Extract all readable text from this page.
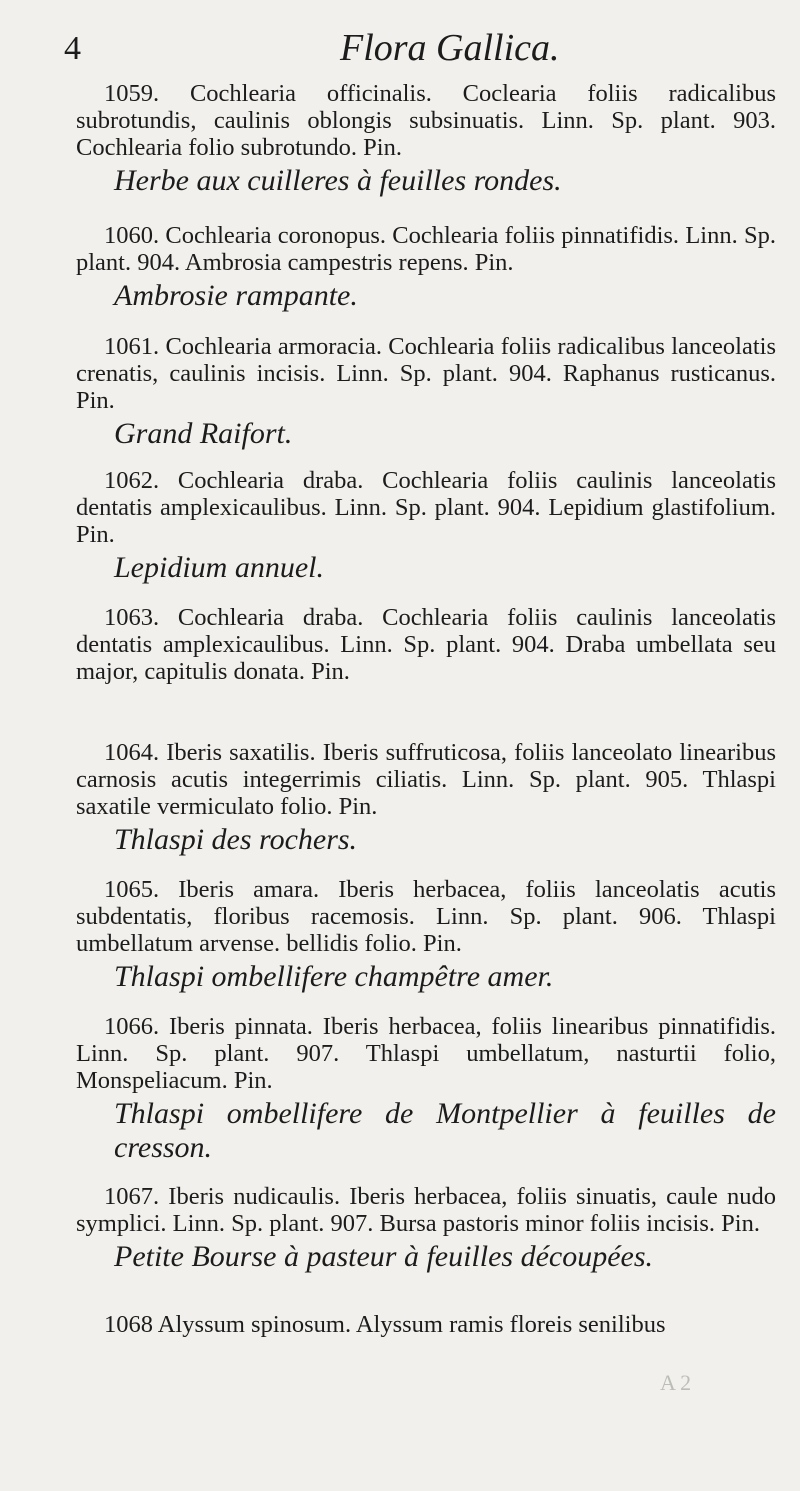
4	Flora Gallica.
1059. Cochlearia officinalis. Coclearia foliis radicalibus subrotundis, caulinis oblongis subsinuatis. Linn. Sp. plant. 903. Cochlearia folio subrotundo. Pin.
Herbe aux cuilleres à feuilles rondes.
1060. Cochlearia coronopus. Cochlearia foliis pinnatifidis. Linn. Sp. plant. 904. Ambrosia campestris repens. Pin.
Ambrosie rampante.
1061. Cochlearia armoracia. Cochlearia foliis radicalibus lanceolatis crenatis, caulinis incisis. Linn. Sp. plant. 904. Raphanus rusticanus. Pin.
Grand Raifort.
1062. Cochlearia draba. Cochlearia foliis caulinis lanceolatis dentatis amplexicaulibus. Linn. Sp. plant. 904. Lepidium glastifolium. Pin.
Lepidium annuel.
1063. Cochlearia draba. Cochlearia foliis caulinis lanceolatis dentatis amplexicaulibus. Linn. Sp. plant. 904. Draba umbellata seu major, capitulis donata. Pin.
1064. Iberis saxatilis. Iberis suffruticosa, foliis lanceolato linearibus carnosis acutis integerrimis ciliatis. Linn. Sp. plant. 905. Thlaspi saxatile vermiculato folio. Pin.
Thlaspi des rochers.
1065. Iberis amara. Iberis herbacea, foliis lanceolatis acutis subdentatis, floribus racemosis. Linn. Sp. plant. 906. Thlaspi umbellatum arvense. bellidis folio. Pin.
Thlaspi ombellifere champêtre amer.
1066. Iberis pinnata. Iberis herbacea, foliis linearibus pinnatifidis. Linn. Sp. plant. 907. Thlaspi umbellatum, nasturtii folio, Monspeliacum. Pin.
Thlaspi ombellifere de Montpellier à feuilles de cresson.
1067. Iberis nudicaulis. Iberis herbacea, foliis sinuatis, caule nudo symplici. Linn. Sp. plant. 907. Bursa pastoris minor foliis incisis. Pin.
Petite Bourse à pasteur à feuilles découpées.
1068 Alyssum spinosum. Alyssum ramis floreis senilibus
A 2
